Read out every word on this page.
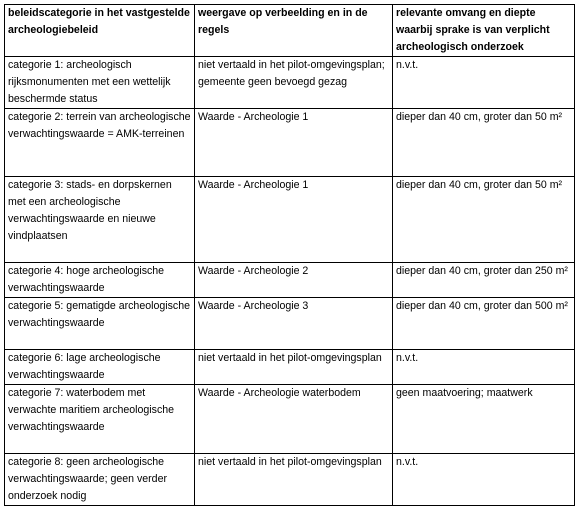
beleidscategorie in het vastgestelde archeologiebeleid	weergave op verbeelding en in de regels	relevante omvang en diepte waarbij sprake is van verplicht archeologisch onderzoek
categorie 1: archeologisch rijksmonumenten met een wettelijk beschermde status	niet vertaald in het pilot-omgevingsplan; gemeente geen bevoegd gezag	n.v.t.
categorie 2: terrein van archeologische verwachtingswaarde = AMK-terreinen	Waarde - Archeologie 1	dieper dan 40 cm, groter dan 50 m²
categorie 3: stads- en dorpskernen met een archeologische verwachtingswaarde en nieuwe vindplaatsen	Waarde - Archeologie 1	dieper dan 40 cm, groter dan 50 m²
categorie 4: hoge archeologische verwachtingswaarde	Waarde - Archeologie 2	dieper dan 40 cm, groter dan 250 m²
categorie 5: gematigde archeologische verwachtingswaarde	Waarde - Archeologie 3	dieper dan 40 cm, groter dan 500 m²
categorie 6: lage archeologische verwachtingswaarde	niet vertaald in het pilot-omgevingsplan	n.v.t.
categorie 7: waterbodem met verwachte maritiem archeologische verwachtingswaarde	Waarde - Archeologie waterbodem	geen maatvoering; maatwerk
categorie 8: geen archeologische verwachtingswaarde; geen verder onderzoek nodig	niet vertaald in het pilot-omgevingsplan	n.v.t.
